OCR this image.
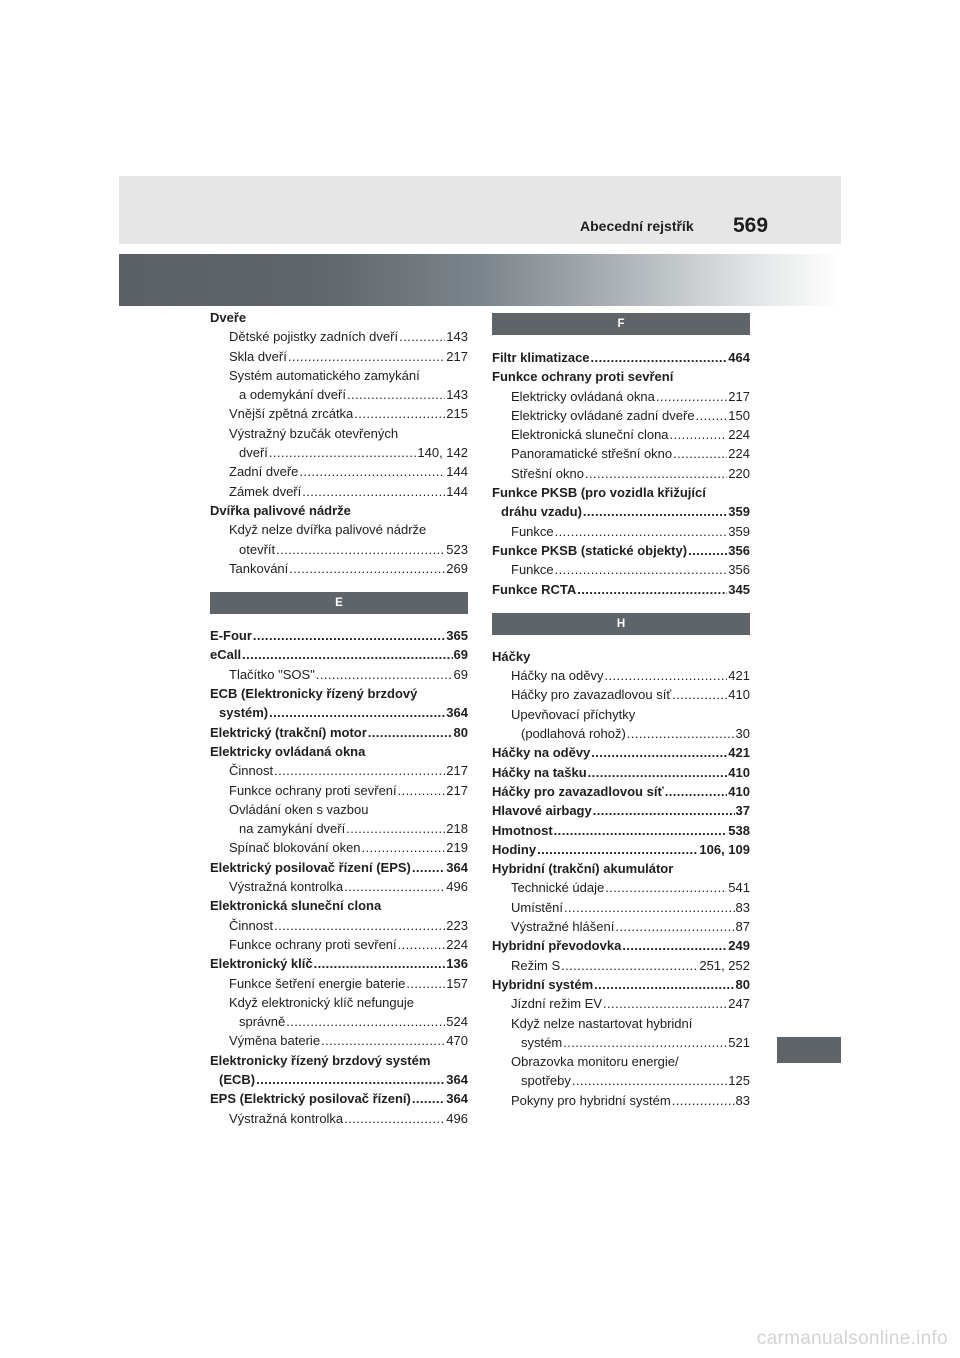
Abecední rejstřík 569
Dveře
Dětské pojistky zadních dveří .....	143
Skla dveří .....	217
Systém automatického zamykání
a odemykání dveří .....	143
Vnější zpětná zrcátka .....	215
Výstražný bzučák otevřených
dveří .....	140, 142
Zadní dveře .....	144
Zámek dveří .....	144
Dvířka palivové nádrže
Když nelze dvířka palivové nádrže
otevřít .....	523
Tankování .....	269
E
E-Four .....	365
eCall .....	69
Tlačítko "SOS" .....	69
ECB (Elektronicky řízený brzdový
systém) .....	364
Elektrický (trakční) motor .....	80
Elektricky ovládaná okna
Činnost .....	217
Funkce ochrany proti sevření .....	217
Ovládání oken s vazbou
na zamykání dveří .....	218
Spínač blokování oken .....	219
Elektrický posilovač řízení (EPS) .....	364
Výstražná kontrolka .....	496
Elektronická sluneční clona
Činnost .....	223
Funkce ochrany proti sevření .....	224
Elektronický klíč .....	136
Funkce šetření energie baterie .....	157
Když elektronický klíč nefunguje
správně .....	524
Výměna baterie .....	470
Elektronicky řízený brzdový systém
(ECB) .....	364
EPS (Elektrický posilovač řízení) .....	364
Výstražná kontrolka .....	496
F
Filtr klimatizace .....	464
Funkce ochrany proti sevření
Elektricky ovládaná okna .....	217
Elektricky ovládané zadní dveře .....	150
Elektronická sluneční clona .....	224
Panoramatické střešní okno .....	224
Střešní okno .....	220
Funkce PKSB (pro vozidla křižující
dráhu vzadu) .....	359
Funkce .....	359
Funkce PKSB (statické objekty) .....	356
Funkce .....	356
Funkce RCTA .....	345
H
Háčky
Háčky na oděvy .....	421
Háčky pro zavazadlovou síť .....	410
Upevňovací příchytky
(podlahová rohož) .....	30
Háčky na oděvy .....	421
Háčky na tašku .....	410
Háčky pro zavazadlovou síť .....	410
Hlavové airbagy .....	37
Hmotnost .....	538
Hodiny .....	106, 109
Hybridní (trakční) akumulátor
Technické údaje .....	541
Umístění .....	83
Výstražné hlášení .....	87
Hybridní převodovka .....	249
Režim S .....	251, 252
Hybridní systém .....	80
Jízdní režim EV .....	247
Když nelze nastartovat hybridní
systém .....	521
Obrazovka monitoru energie/
spotřeby .....	125
Pokyny pro hybridní systém .....	83
carmanualsonline.info
